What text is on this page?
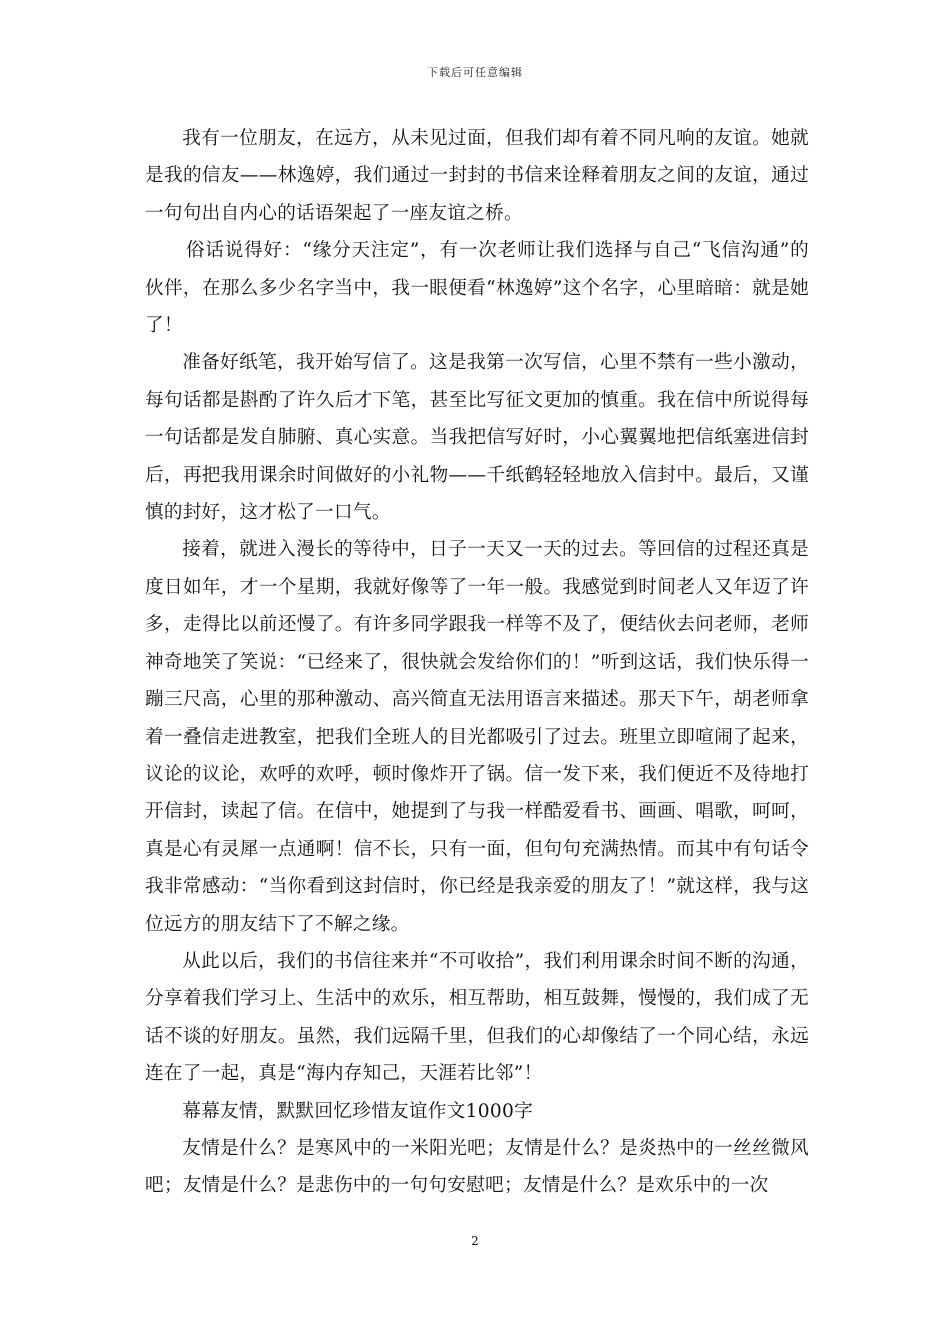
下载后可任意编辑

我有一位朋友，在远方，从未见过面，但我们却有着不同凡响的友谊。她就是我的信友——林逸婷，我们通过一封封的书信来诠释着朋友之间的友谊，通过一句句出自内心的话语架起了一座友谊之桥。

俗话说得好：“缘分天注定”，有一次老师让我们选择与自己“飞信沟通”的伙伴，在那么多少名字当中，我一眼便看“林逸婷”这个名字，心里暗暗：就是她了！

准备好纸笔，我开始写信了。这是我第一次写信，心里不禁有一些小激动，每句话都是斟酌了许久后才下笔，甚至比写征文更加的慎重。我在信中所说得每一句话都是发自肺腑、真心实意。当我把信写好时，小心翼翼地把信纸塞进信封后，再把我用课余时间做好的小礼物——千纸鹤轻轻地放入信封中。最后，又谨慎的封好，这才松了一口气。

接着，就进入漫长的等待中，日子一天又一天的过去。等回信的过程还真是度日如年，才一个星期，我就好像等了一年一般。我感觉到时间老人又年迈了许多，走得比以前还慢了。有许多同学跟我一样等不及了，便结伙去问老师，老师神奇地笑了笑说：“已经来了，很快就会发给你们的！”听到这话，我们快乐得一蹦三尺高，心里的那种激动、高兴简直无法用语言来描述。那天下午，胡老师拿着一叠信走进教室，把我们全班人的目光都吸引了过去。班里立即喧闹了起来，议论的议论，欢呼的欢呼，顿时像炸开了锅。信一发下来，我们便近不及待地打开信封，读起了信。在信中，她提到了与我一样酷爱看书、画画、唱歌，呵呵，真是心有灵犀一点通啊！信不长，只有一面，但句句充满热情。而其中有句话令我非常感动：“当你看到这封信时，你已经是我亲爱的朋友了！”就这样，我与这位远方的朋友结下了不解之缘。

从此以后，我们的书信往来并“不可收拾”，我们利用课余时间不断的沟通，分享着我们学习上、生活中的欢乐，相互帮助，相互鼓舞，慢慢的，我们成了无话不谈的好朋友。虽然，我们远隔千里，但我们的心却像结了一个同心结，永远连在了一起，真是“海内存知己，天涯若比邻”！

幕幕友情，默默回忆珍惜友谊作文1000字

友情是什么？是寒风中的一米阳光吧；友情是什么？是炎热中的一丝丝微风吧；友情是什么？是悲伤中的一句句安慰吧；友情是什么？是欢乐中的一次

2
